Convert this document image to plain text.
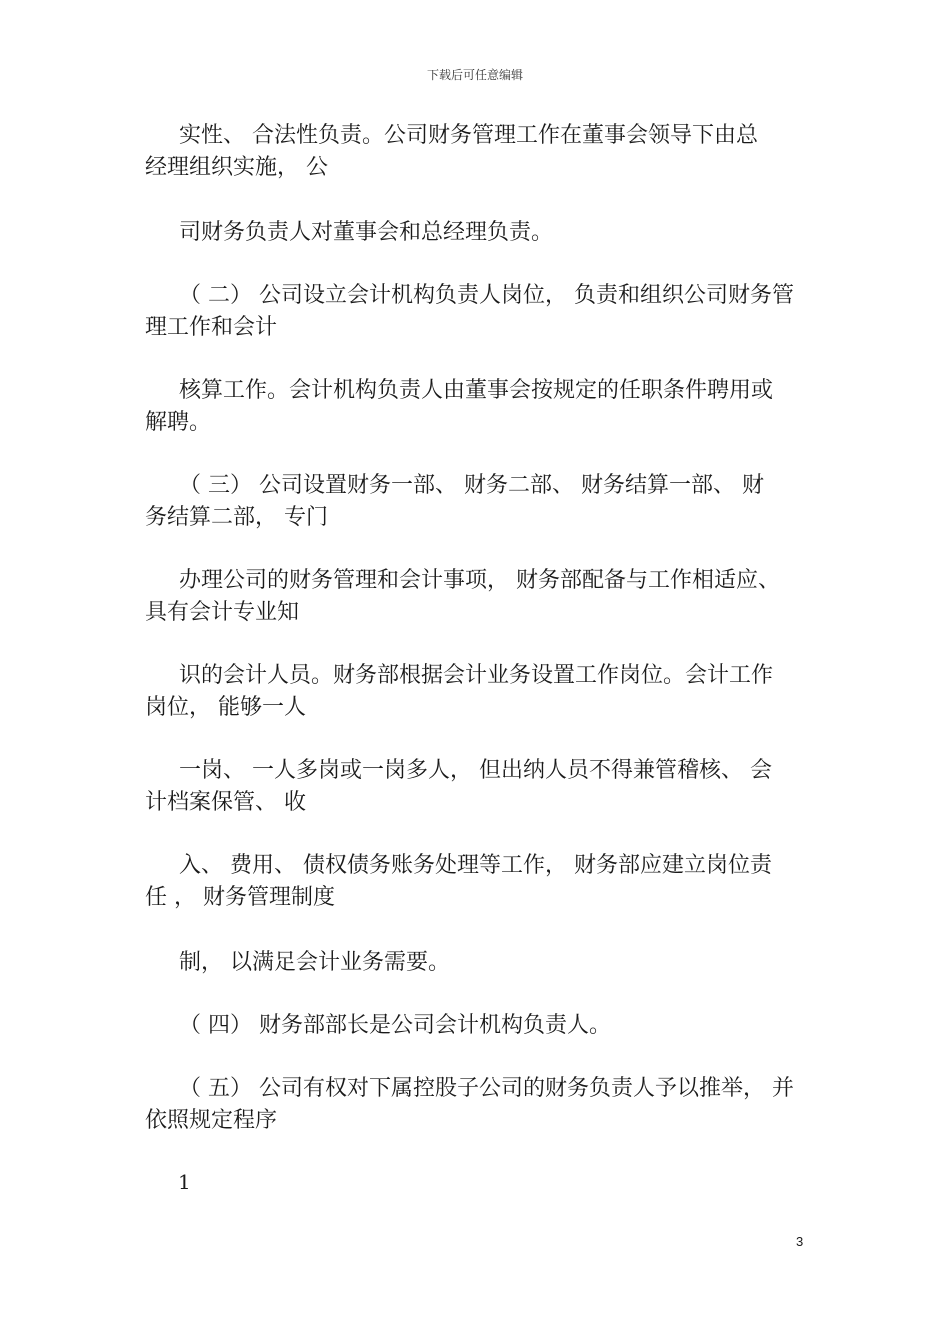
下载后可任意编辑
实性、 合法性负责。公司财务管理工作在董事会领导下由总
经理组织实施， 公
司财务负责人对董事会和总经理负责。
（ 二） 公司设立会计机构负责人岗位， 负责和组织公司财务管
理工作和会计
核算工作。会计机构负责人由董事会按规定的任职条件聘用或
解聘。
（ 三） 公司设置财务一部、 财务二部、 财务结算一部、 财
务结算二部， 专门
办理公司的财务管理和会计事项， 财务部配备与工作相适应、
具有会计专业知
识的会计人员。财务部根据会计业务设置工作岗位。会计工作
岗位， 能够一人
一岗、 一人多岗或一岗多人， 但出纳人员不得兼管稽核、 会
计档案保管、 收
入、 费用、 债权债务账务处理等工作， 财务部应建立岗位责
任 ， 财务管理制度
制， 以满足会计业务需要。
（ 四） 财务部部长是公司会计机构负责人。
（ 五） 公司有权对下属控股子公司的财务负责人予以推举， 并
依照规定程序
1
3
